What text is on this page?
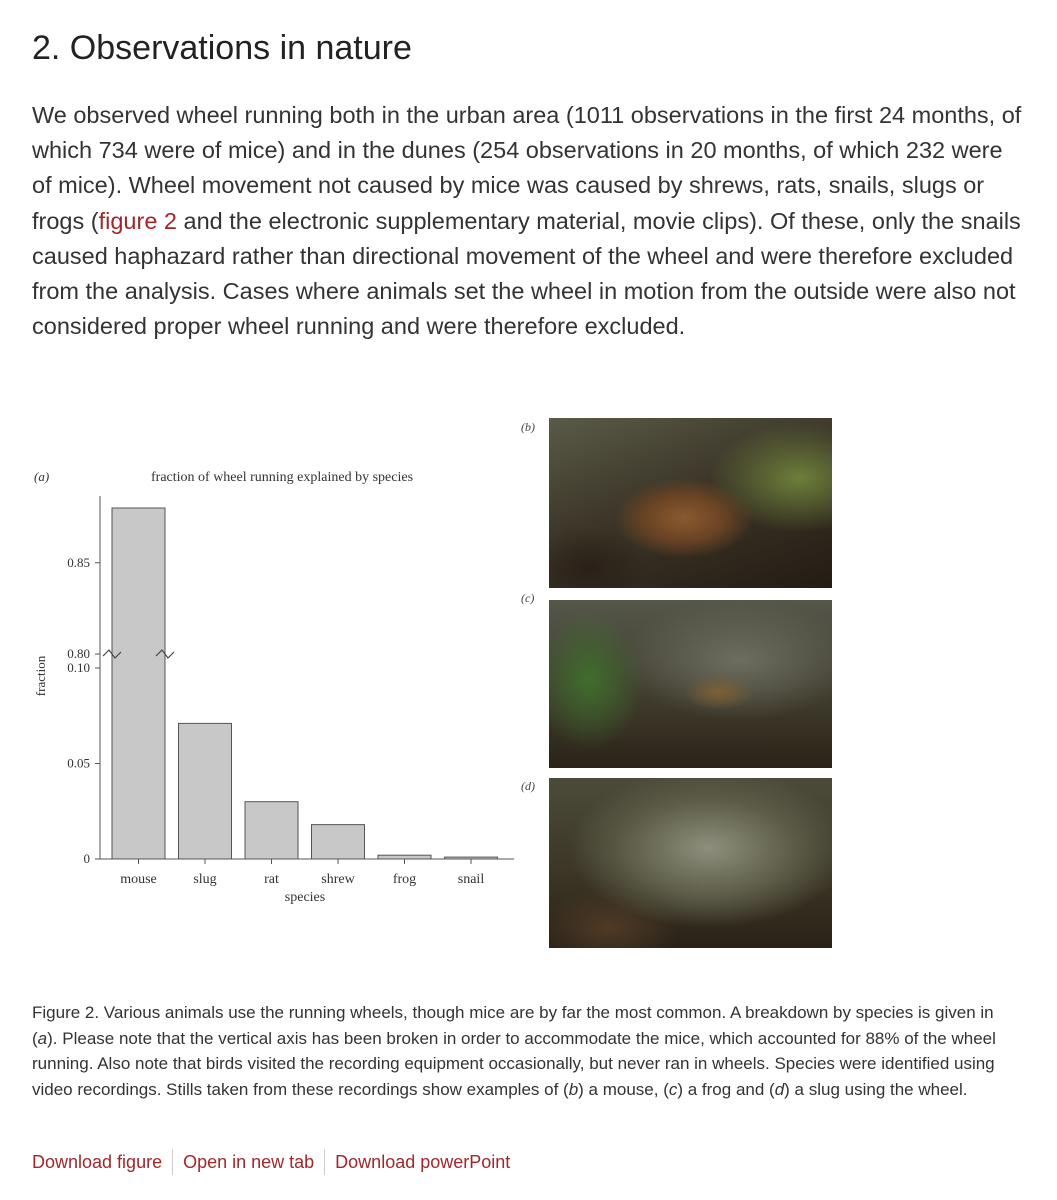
2. Observations in nature

We observed wheel running both in the urban area (1011 observations in the first 24 months, of which 734 were of mice) and in the dunes (254 observations in 20 months, of which 232 were of mice). Wheel movement not caused by mice was caused by shrews, rats, snails, slugs or frogs (figure 2 and the electronic supplementary material, movie clips). Of these, only the snails caused haphazard rather than directional movement of the wheel and were therefore excluded from the analysis. Cases where animals set the wheel in motion from the outside were also not considered proper wheel running and were therefore excluded.

(a)	fraction of wheel running explained by species
fraction
species
0
0.05
0.10
0.80
0.85
mouse	slug	rat	shrew	frog	snail
(b)
(c)
(d)

Figure 2. Various animals use the running wheels, though mice are by far the most common. A breakdown by species is given in (a). Please note that the vertical axis has been broken in order to accommodate the mice, which accounted for 88% of the wheel running. Also note that birds visited the recording equipment occasionally, but never ran in wheels. Species were identified using video recordings. Stills taken from these recordings show examples of (b) a mouse, (c) a frog and (d) a slug using the wheel.

Download figure	Open in new tab	Download powerPoint
